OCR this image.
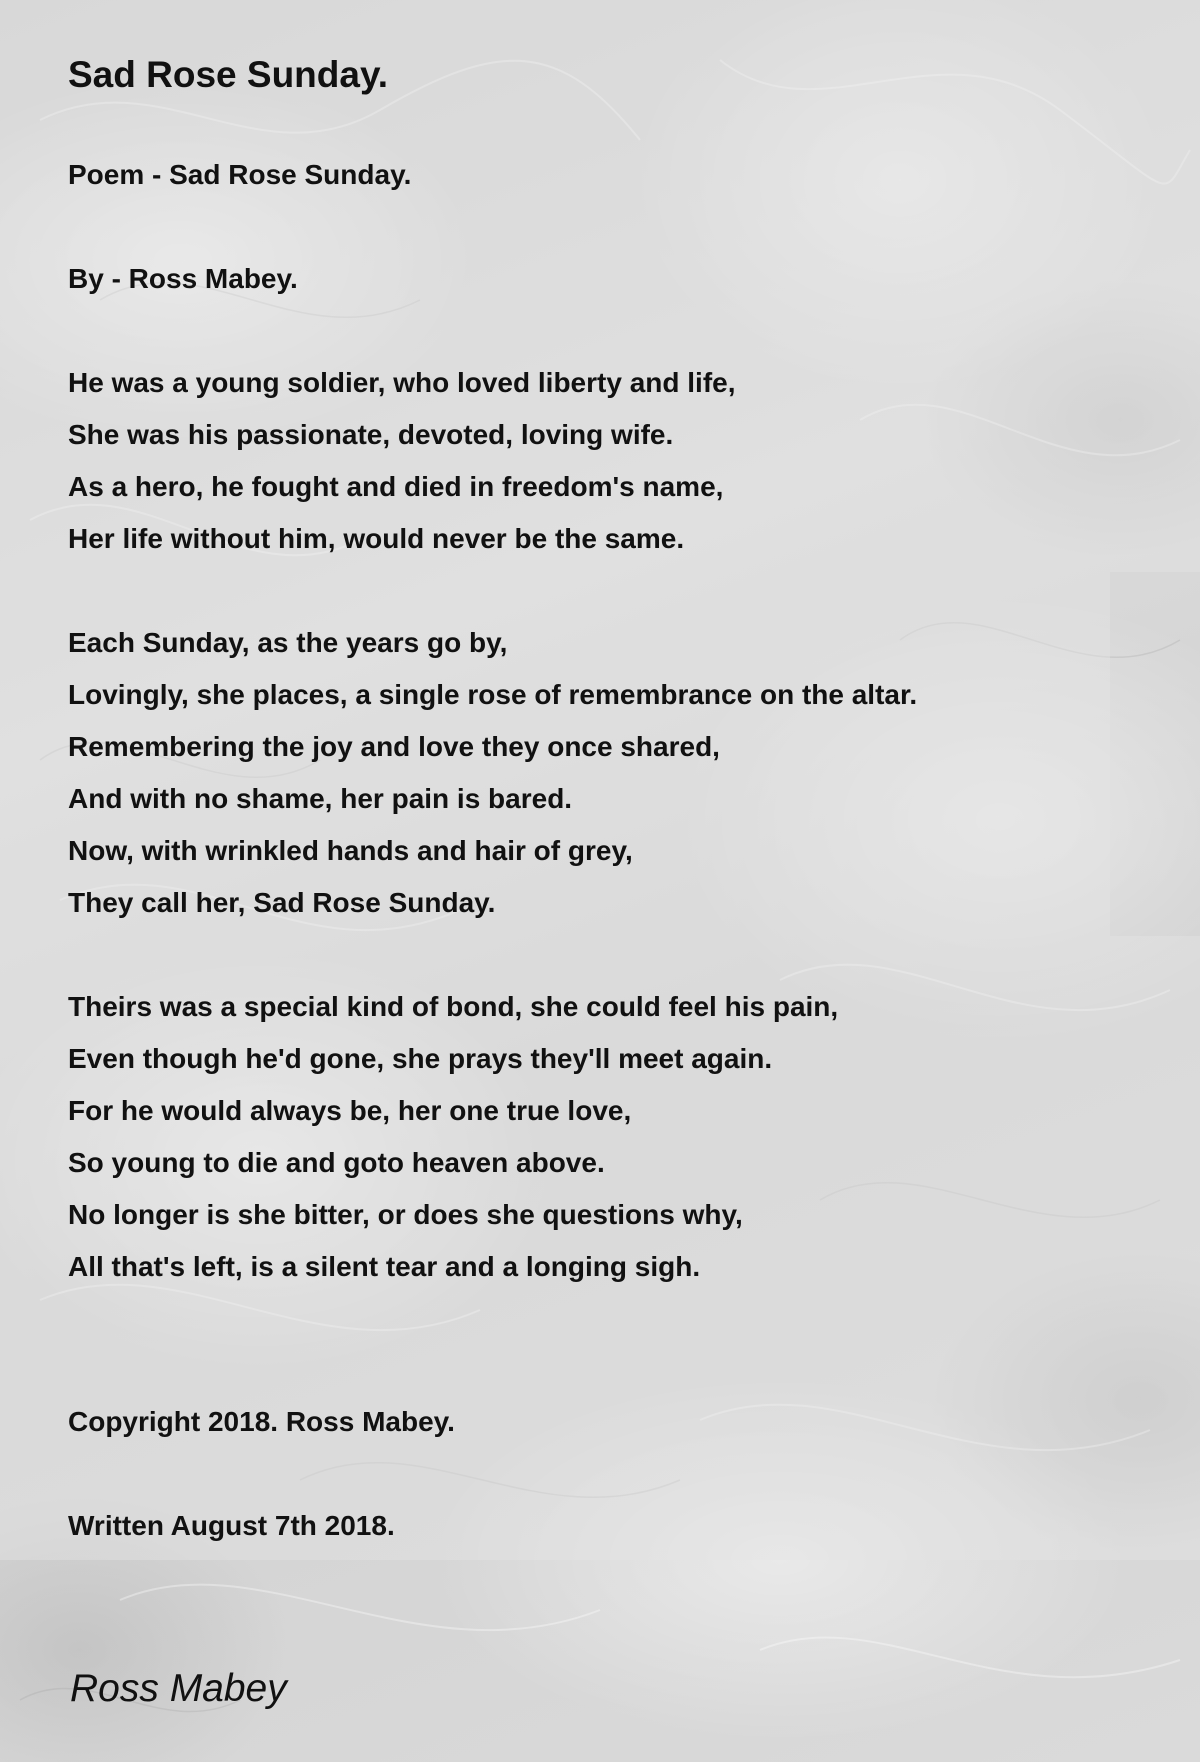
Sad Rose Sunday.

Poem - Sad Rose Sunday.

By - Ross Mabey.

He was a young soldier, who loved liberty and life,

She was his passionate, devoted, loving wife.

As a hero, he fought and died in freedom's name,

Her life without him, would never be the same.

Each Sunday, as the years go by,

Lovingly, she places, a single rose of remembrance on the altar.

Remembering the joy and love they once shared,

And with no shame, her pain is bared.

Now, with wrinkled hands and hair of grey,

They call her, Sad Rose Sunday.

Theirs was a special kind of bond, she could feel his pain,

Even though he'd gone, she prays they'll meet again.

For he would always be, her one true love,

So young to die and goto heaven above.

No longer is she bitter, or does she questions why,

All that's left, is a silent tear and a longing sigh.

Copyright 2018. Ross Mabey.

Written August 7th 2018.

Ross Mabey
